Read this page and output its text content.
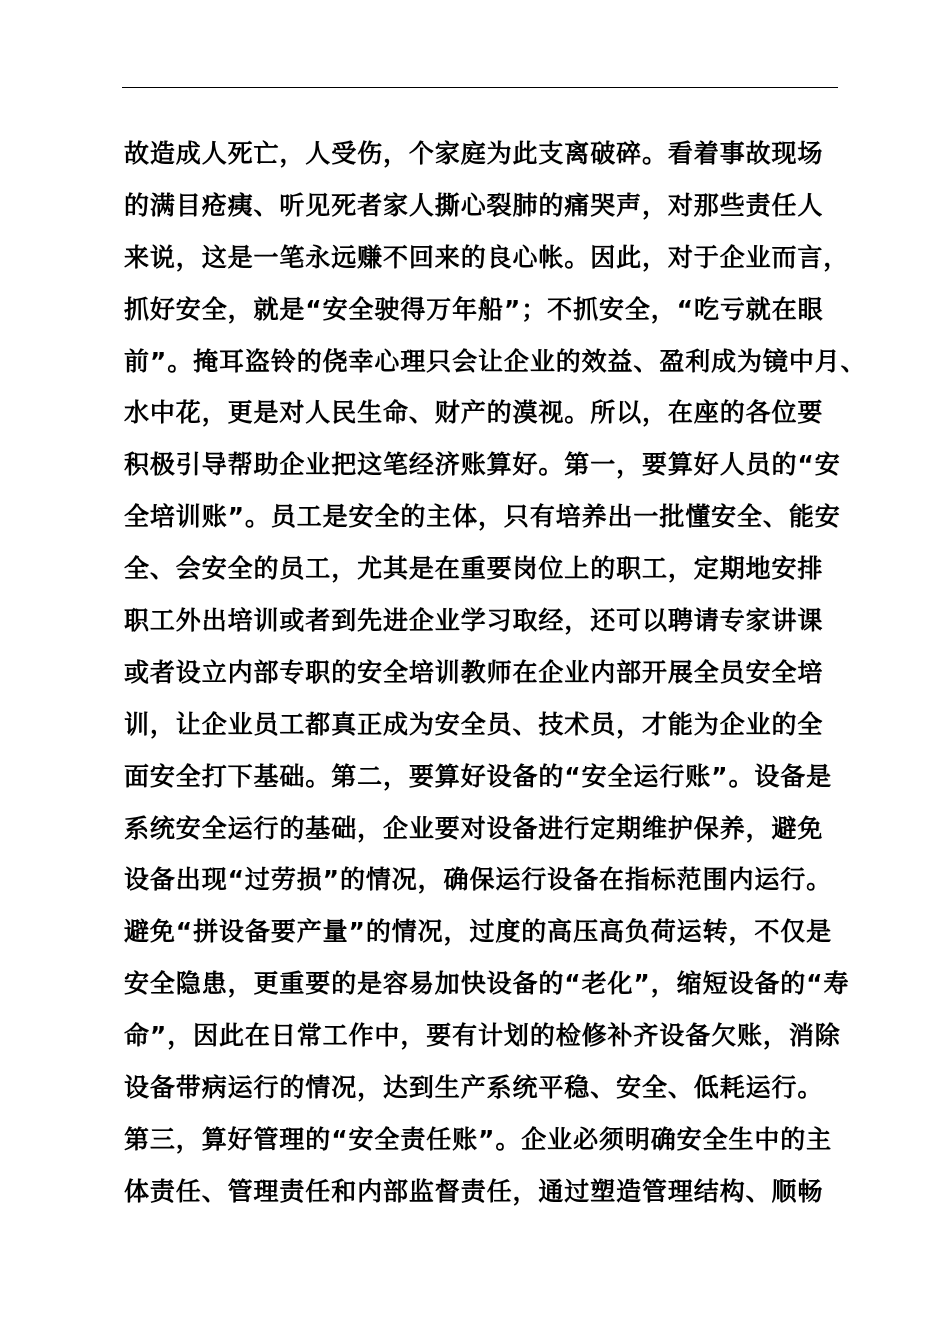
故造成人死亡，人受伤，个家庭为此支离破碎。看着事故现场
的满目疮痍、听见死者家人撕心裂肺的痛哭声，对那些责任人
来说，这是一笔永远赚不回来的良心帐。因此，对于企业而言，
抓好安全，就是“安全驶得万年船”；不抓安全，“吃亏就在眼
前”。掩耳盗铃的侥幸心理只会让企业的效益、盈利成为镜中月、
水中花，更是对人民生命、财产的漠视。所以，在座的各位要
积极引导帮助企业把这笔经济账算好。第一，要算好人员的“安
全培训账”。员工是安全的主体，只有培养出一批懂安全、能安
全、会安全的员工，尤其是在重要岗位上的职工，定期地安排
职工外出培训或者到先进企业学习取经，还可以聘请专家讲课
或者设立内部专职的安全培训教师在企业内部开展全员安全培
训，让企业员工都真正成为安全员、技术员，才能为企业的全
面安全打下基础。第二，要算好设备的“安全运行账”。设备是
系统安全运行的基础，企业要对设备进行定期维护保养，避免
设备出现“过劳损”的情况，确保运行设备在指标范围内运行。
避免“拼设备要产量”的情况，过度的高压高负荷运转，不仅是
安全隐患，更重要的是容易加快设备的“老化”，缩短设备的“寿
命”，因此在日常工作中，要有计划的检修补齐设备欠账，消除
设备带病运行的情况，达到生产系统平稳、安全、低耗运行。
第三，算好管理的“安全责任账”。企业必须明确安全生中的主
体责任、管理责任和内部监督责任，通过塑造管理结构、顺畅
